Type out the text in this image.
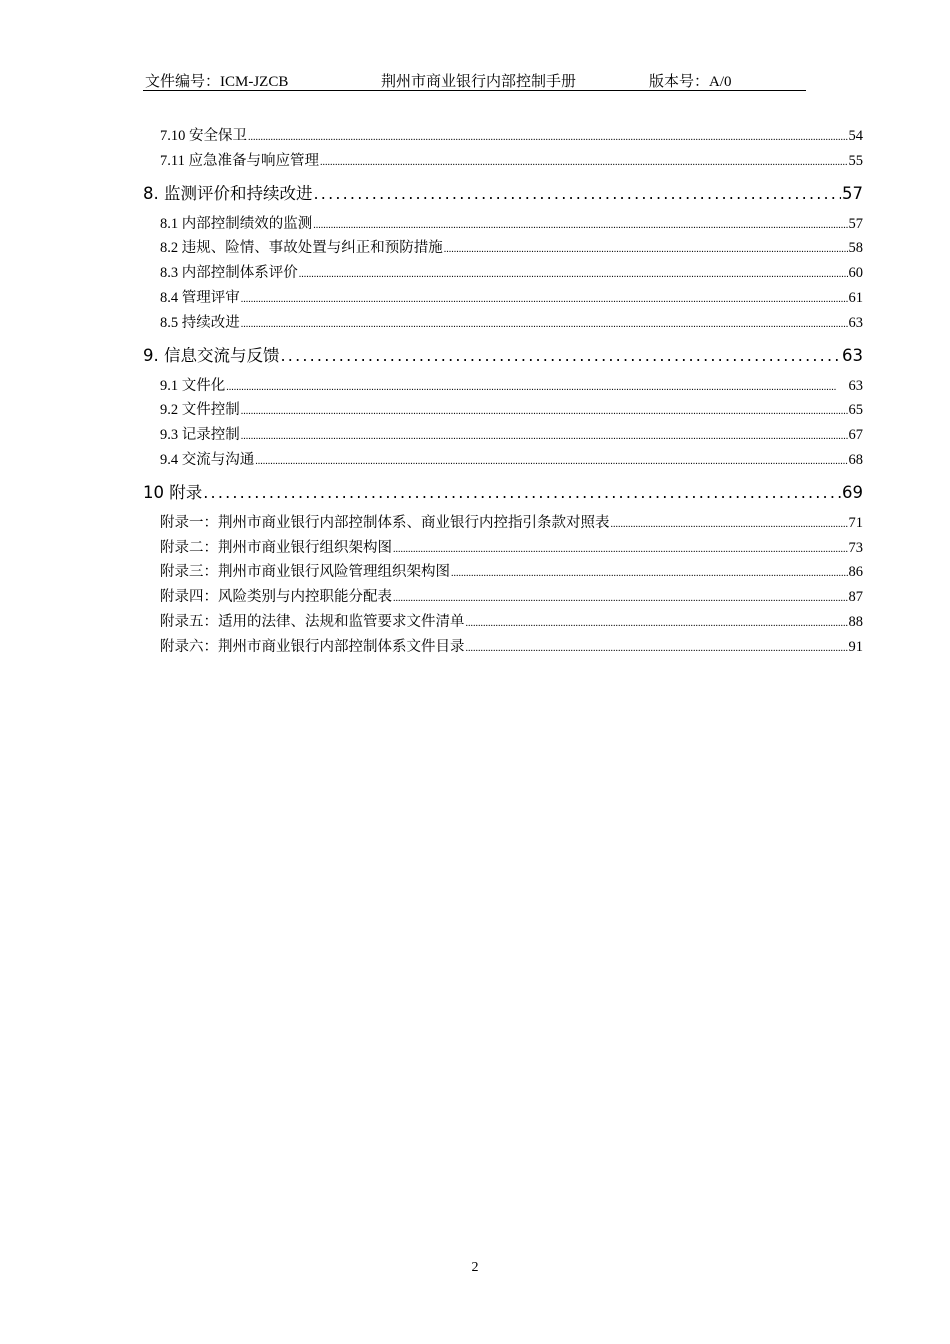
文件编号：ICM-JZCB	荆州市商业银行内部控制手册	版本号：A/0
7.10 安全保卫 .....	54
7.11 应急准备与响应管理 .....	55
8. 监测评价和持续改进 .....	57
8.1 内部控制绩效的监测 .....	57
8.2 违规、险情、事故处置与纠正和预防措施 .....	58
8.3 内部控制体系评价 .....	60
8.4 管理评审 .....	61
8.5 持续改进 .....	63
9. 信息交流与反馈 .....	63
9.1 文件化 .....	63
9.2 文件控制 .....	65
9.3 记录控制 .....	67
9.4 交流与沟通 .....	68
10 附录 .....	69
附录一：荆州市商业银行内部控制体系、商业银行内控指引条款对照表 .....	71
附录二：荆州市商业银行组织架构图 .....	73
附录三：荆州市商业银行风险管理组织架构图 .....	86
附录四：风险类别与内控职能分配表 .....	87
附录五：适用的法律、法规和监管要求文件清单 .....	88
附录六：荆州市商业银行内部控制体系文件目录 .....	91
2
